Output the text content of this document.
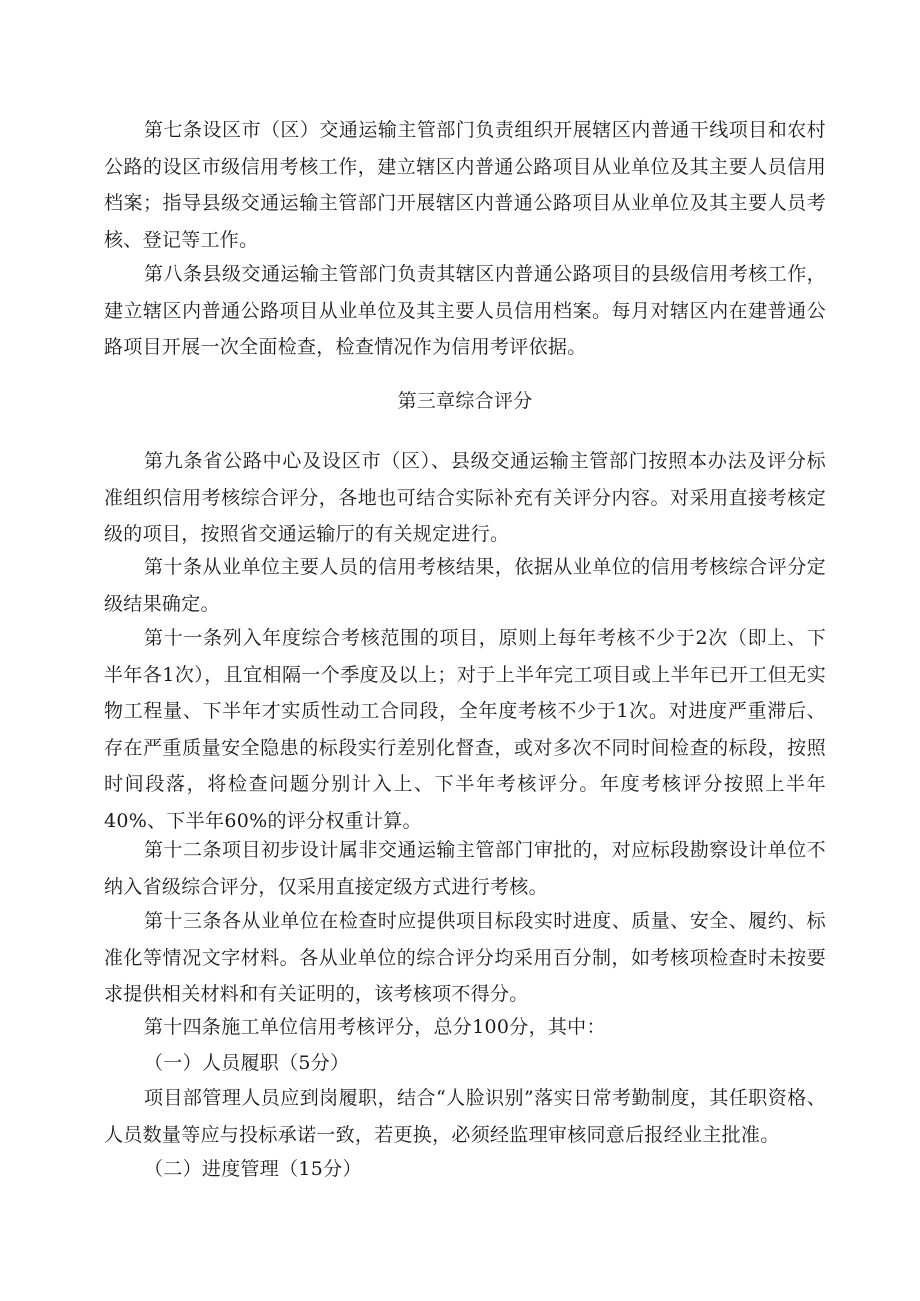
第七条设区市（区）交通运输主管部门负责组织开展辖区内普通干线项目和农村公路的设区市级信用考核工作，建立辖区内普通公路项目从业单位及其主要人员信用档案；指导县级交通运输主管部门开展辖区内普通公路项目从业单位及其主要人员考核、登记等工作。

第八条县级交通运输主管部门负责其辖区内普通公路项目的县级信用考核工作，建立辖区内普通公路项目从业单位及其主要人员信用档案。每月对辖区内在建普通公路项目开展一次全面检查，检查情况作为信用考评依据。

第三章综合评分

第九条省公路中心及设区市（区）、县级交通运输主管部门按照本办法及评分标准组织信用考核综合评分，各地也可结合实际补充有关评分内容。对采用直接考核定级的项目，按照省交通运输厅的有关规定进行。

第十条从业单位主要人员的信用考核结果，依据从业单位的信用考核综合评分定级结果确定。

第十一条列入年度综合考核范围的项目，原则上每年考核不少于2次（即上、下半年各1次），且宜相隔一个季度及以上；对于上半年完工项目或上半年已开工但无实物工程量、下半年才实质性动工合同段，全年度考核不少于1次。对进度严重滞后、存在严重质量安全隐患的标段实行差别化督查，或对多次不同时间检查的标段，按照时间段落，将检查问题分别计入上、下半年考核评分。年度考核评分按照上半年40%、下半年60%的评分权重计算。

第十二条项目初步设计属非交通运输主管部门审批的，对应标段勘察设计单位不纳入省级综合评分，仅采用直接定级方式进行考核。

第十三条各从业单位在检查时应提供项目标段实时进度、质量、安全、履约、标准化等情况文字材料。各从业单位的综合评分均采用百分制，如考核项检查时未按要求提供相关材料和有关证明的，该考核项不得分。

第十四条施工单位信用考核评分，总分100分，其中：

（一）人员履职（5分）

项目部管理人员应到岗履职，结合“人脸识别”落实日常考勤制度，其任职资格、人员数量等应与投标承诺一致，若更换，必须经监理审核同意后报经业主批准。

（二）进度管理（15分）
